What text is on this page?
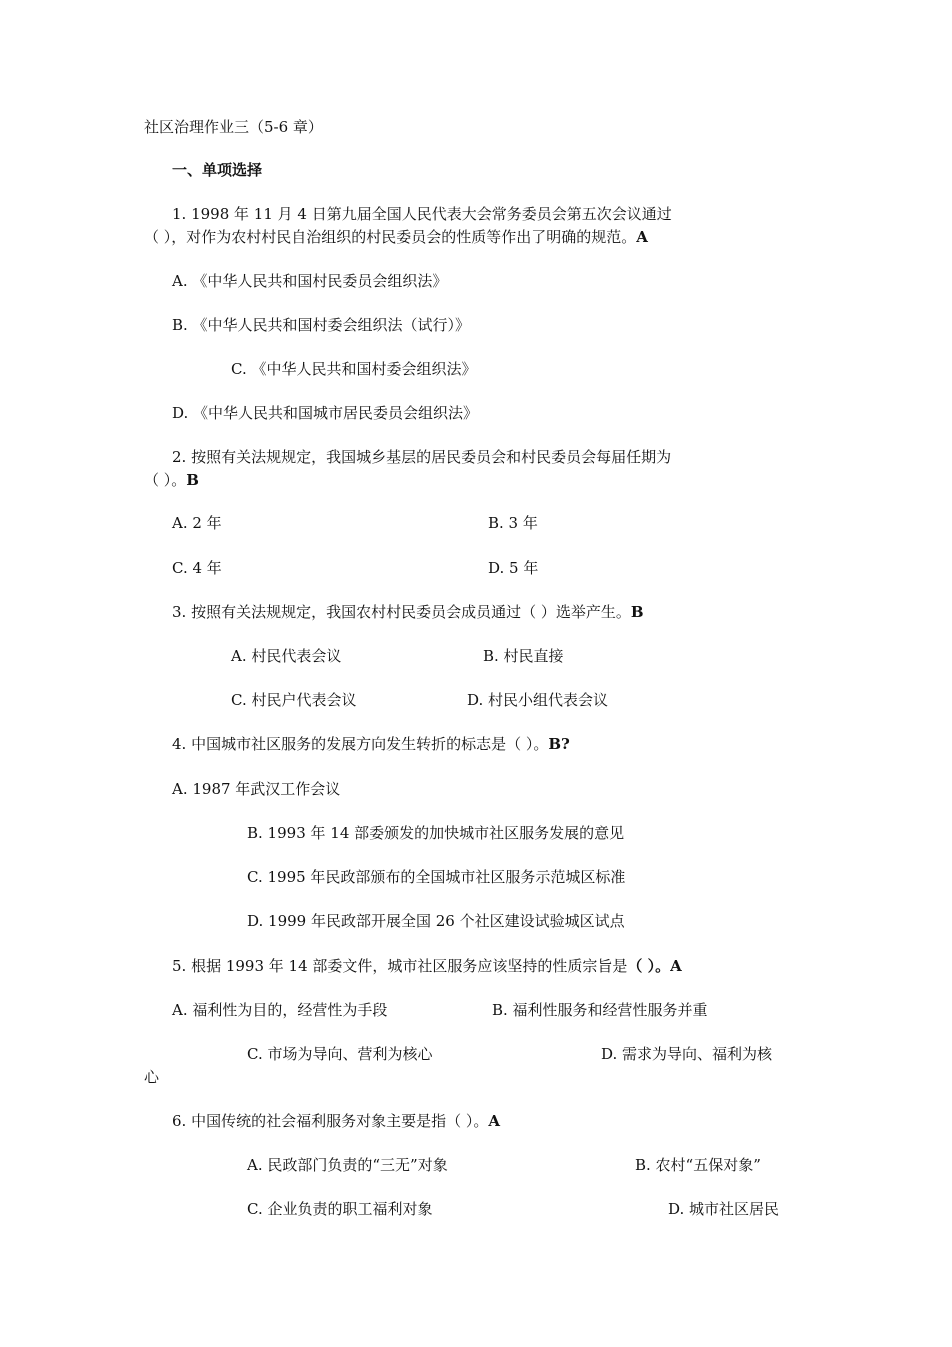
社区治理作业三（5-6 章）
一、单项选择
1. 1998 年 11 月 4 日第九届全国人民代表大会常务委员会第五次会议通过
（ ），对作为农村村民自治组织的村民委员会的性质等作出了明确的规范。A
A. 《中华人民共和国村民委员会组织法》
B. 《中华人民共和国村委会组织法（试行）》
C. 《中华人民共和国村委会组织法》
D. 《中华人民共和国城市居民委员会组织法》
2. 按照有关法规规定，我国城乡基层的居民委员会和村民委员会每届任期为
（ ）。B
A. 2 年	B. 3 年
C. 4 年	D. 5 年
3. 按照有关法规规定，我国农村村民委员会成员通过（ ）选举产生。B
A. 村民代表会议	B. 村民直接
C. 村民户代表会议	D. 村民小组代表会议
4. 中国城市社区服务的发展方向发生转折的标志是（ ）。B?
A. 1987 年武汉工作会议
B. 1993 年 14 部委颁发的加快城市社区服务发展的意见
C. 1995 年民政部颁布的全国城市社区服务示范城区标准
D. 1999 年民政部开展全国 26 个社区建设试验城区试点
5. 根据 1993 年 14 部委文件，城市社区服务应该坚持的性质宗旨是（ ）。A
A. 福利性为目的，经营性为手段	B. 福利性服务和经营性服务并重
C. 市场为导向、营利为核心	D. 需求为导向、福利为核
心
6. 中国传统的社会福利服务对象主要是指（ ）。A
A. 民政部门负责的“三无”对象	B. 农村“五保对象”
C. 企业负责的职工福利对象	D. 城市社区居民
